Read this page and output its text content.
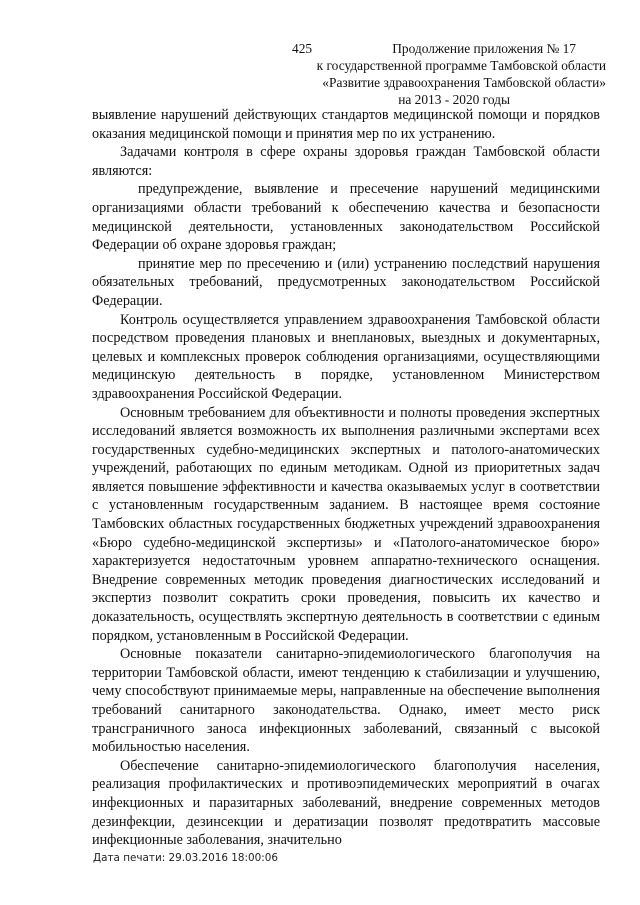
425	Продолжение приложения № 17
к государственной программе Тамбовской области
«Развитие здравоохранения Тамбовской области»
на 2013 - 2020 годы

выявление нарушений действующих стандартов медицинской помощи и порядков оказания медицинской помощи и принятия мер по их устранению.

Задачами контроля в сфере охраны здоровья граждан Тамбовской области являются:

предупреждение, выявление и пресечение нарушений медицинскими организациями области требований к обеспечению качества и безопасности медицинской деятельности, установленных законодательством Российской Федерации об охране здоровья граждан;

принятие мер по пресечению и (или) устранению последствий нарушения обязательных требований, предусмотренных законодательством Российской Федерации.

Контроль осуществляется управлением здравоохранения Тамбовской области посредством проведения плановых и внеплановых, выездных и документарных, целевых и комплексных проверок соблюдения организациями, осуществляющими медицинскую деятельность в порядке, установленном Министерством здравоохранения Российской Федерации.

Основным требованием для объективности и полноты проведения экспертных исследований является возможность их выполнения различными экспертами всех государственных судебно-медицинских экспертных и патолого-анатомических учреждений, работающих по единым методикам. Одной из приоритетных задач является повышение эффективности и качества оказываемых услуг в соответствии с установленным государственным заданием. В настоящее время состояние Тамбовских областных государственных бюджетных учреждений здравоохранения «Бюро судебно-медицинской экспертизы» и «Патолого-анатомическое бюро» характеризуется недостаточным уровнем аппаратно-технического оснащения. Внедрение современных методик проведения диагностических исследований и экспертиз позволит сократить сроки проведения, повысить их качество и доказательность, осуществлять экспертную деятельность в соответствии с единым порядком, установленным в Российской Федерации.

Основные показатели санитарно-эпидемиологического благополучия на территории Тамбовской области, имеют тенденцию к стабилизации и улучшению, чему способствуют принимаемые меры, направленные на обеспечение выполнения требований санитарного законодательства. Однако, имеет место риск трансграничного заноса инфекционных заболеваний, связанный с высокой мобильностью населения.

Обеспечение санитарно-эпидемиологического благополучия населения, реализация профилактических и противоэпидемических мероприятий в очагах инфекционных и паразитарных заболеваний, внедрение современных методов дезинфекции, дезинсекции и дератизации позволят предотвратить массовые инфекционные заболевания, значительно

Дата печати: 29.03.2016 18:00:06
